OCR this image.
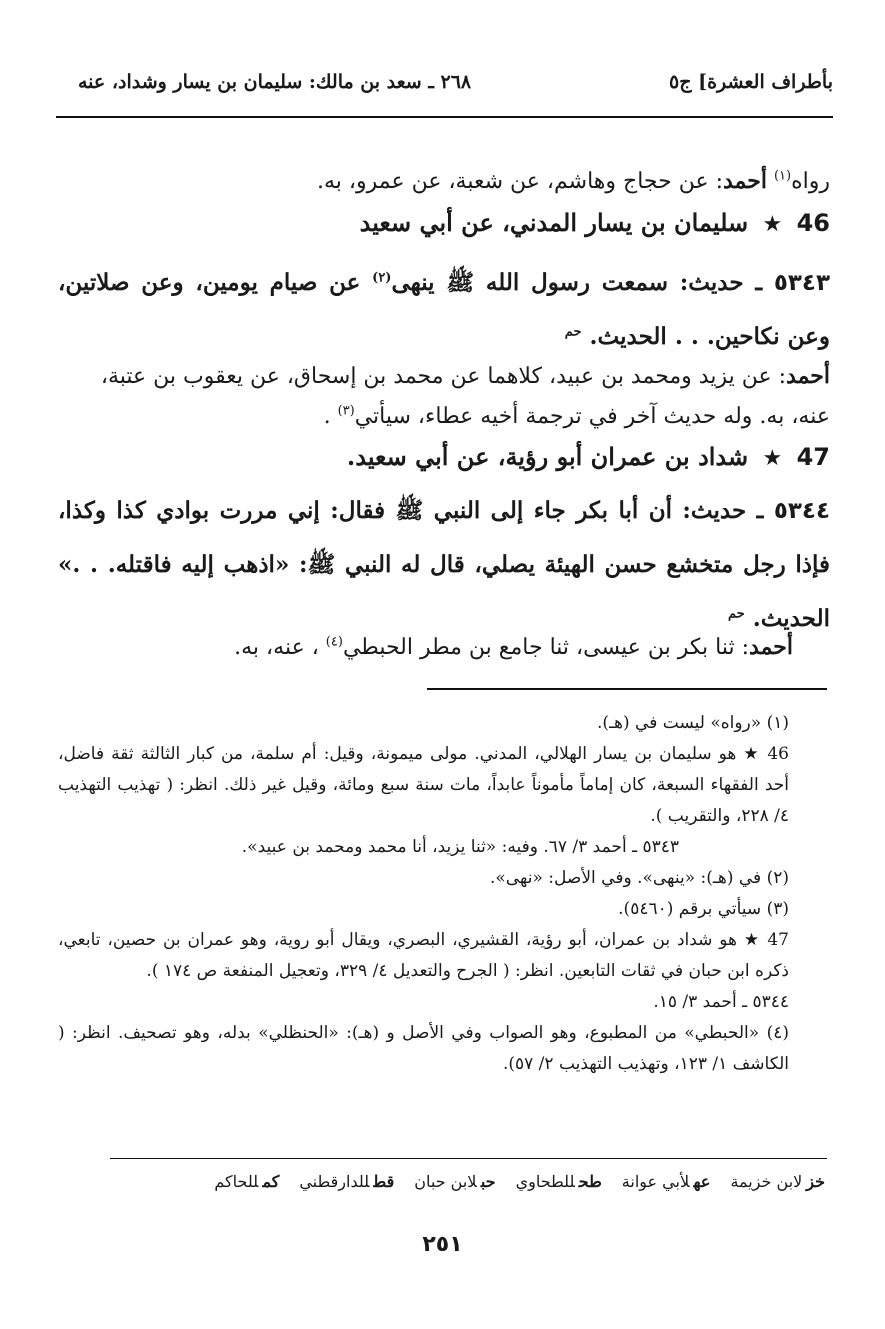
بأطراف العشرة] ج٥
٢٦٨ ـ سعد بن مالك: سليمان بن يسار وشداد، عنه
رواه$^{(١)}$ أحمد: عن حجاج وهاشم، عن شعبة، عن عمرو، به.
46 ★ سليمان بن يسار المدني، عن أبي سعيد
٥٣٤٣ ـ حديث: سمعت رسول الله ﷺ ينهى$^{(٢)}$ عن صيام يومين، وعن صلاتين، وعن نكاحين. . . الحديث. $^{حم}$
أحمد: عن يزيد ومحمد بن عبيد، كلاهما عن محمد بن إسحاق، عن يعقوب بن عتبة، عنه، به. وله حديث آخر في ترجمة أخيه عطاء، سيأتي$^{(٣)}$ .
47 ★ شداد بن عمران أبو رؤية، عن أبي سعيد.
٥٣٤٤ ـ حديث: أن أبا بكر جاء إلى النبي ﷺ فقال: إني مررت بوادي كذا وكذا، فإذا رجل متخشع حسن الهيئة يصلي، قال له النبي ﷺ: «اذهب إليه فاقتله. . .» الحديث. $^{حم}$
أحمد: ثنا بكر بن عيسى، ثنا جامع بن مطر الحبطي$^{(٤)}$ ، عنه، به.

(١) «رواه» ليست في (هـ).

46 ★ هو سليمان بن يسار الهلالي، المدني. مولى ميمونة، وقيل: أم سلمة، من كبار الثالثة ثقة فاضل، أحد الفقهاء السبعة، كان إماماً مأموناً عابداً، مات سنة سبع ومائة، وقيل غير ذلك. انظر: ( تهذيب التهذيب ٤/ ٢٢٨، والتقريب ).

٥٣٤٣ ـ أحمد ٣/ ٦٧. وفيه: «ثنا يزيد، أنا محمد ومحمد بن عبيد».

(٢) في (هـ): «ينهى». وفي الأصل: «نهى».

(٣) سيأتي برقم (٥٤٦٠).

47 ★ هو شداد بن عمران، أبو رؤية، القشيري، البصري، ويقال أبو روية، وهو عمران بن حصين، تابعي، ذكره ابن حبان في ثقات التابعين. انظر: ( الجرح والتعديل ٤/ ٣٢٩، وتعجيل المنفعة ص ١٧٤ ).

٥٣٤٤ ـ أحمد ٣/ ١٥.

(٤) «الحبطي» من المطبوع، وهو الصواب وفي الأصل و (هـ): «الحنظلي» بدله، وهو تصحيف. انظر: ( الكاشف ١/ ١٢٣، وتهذيب التهذيب ٢/ ٥٧).

خزلابن خزيمة
عهلأبي عوانة
طحللطحاوي
حبلابن حبان
قطللدارقطني
كمللحاكم
٢٥١
